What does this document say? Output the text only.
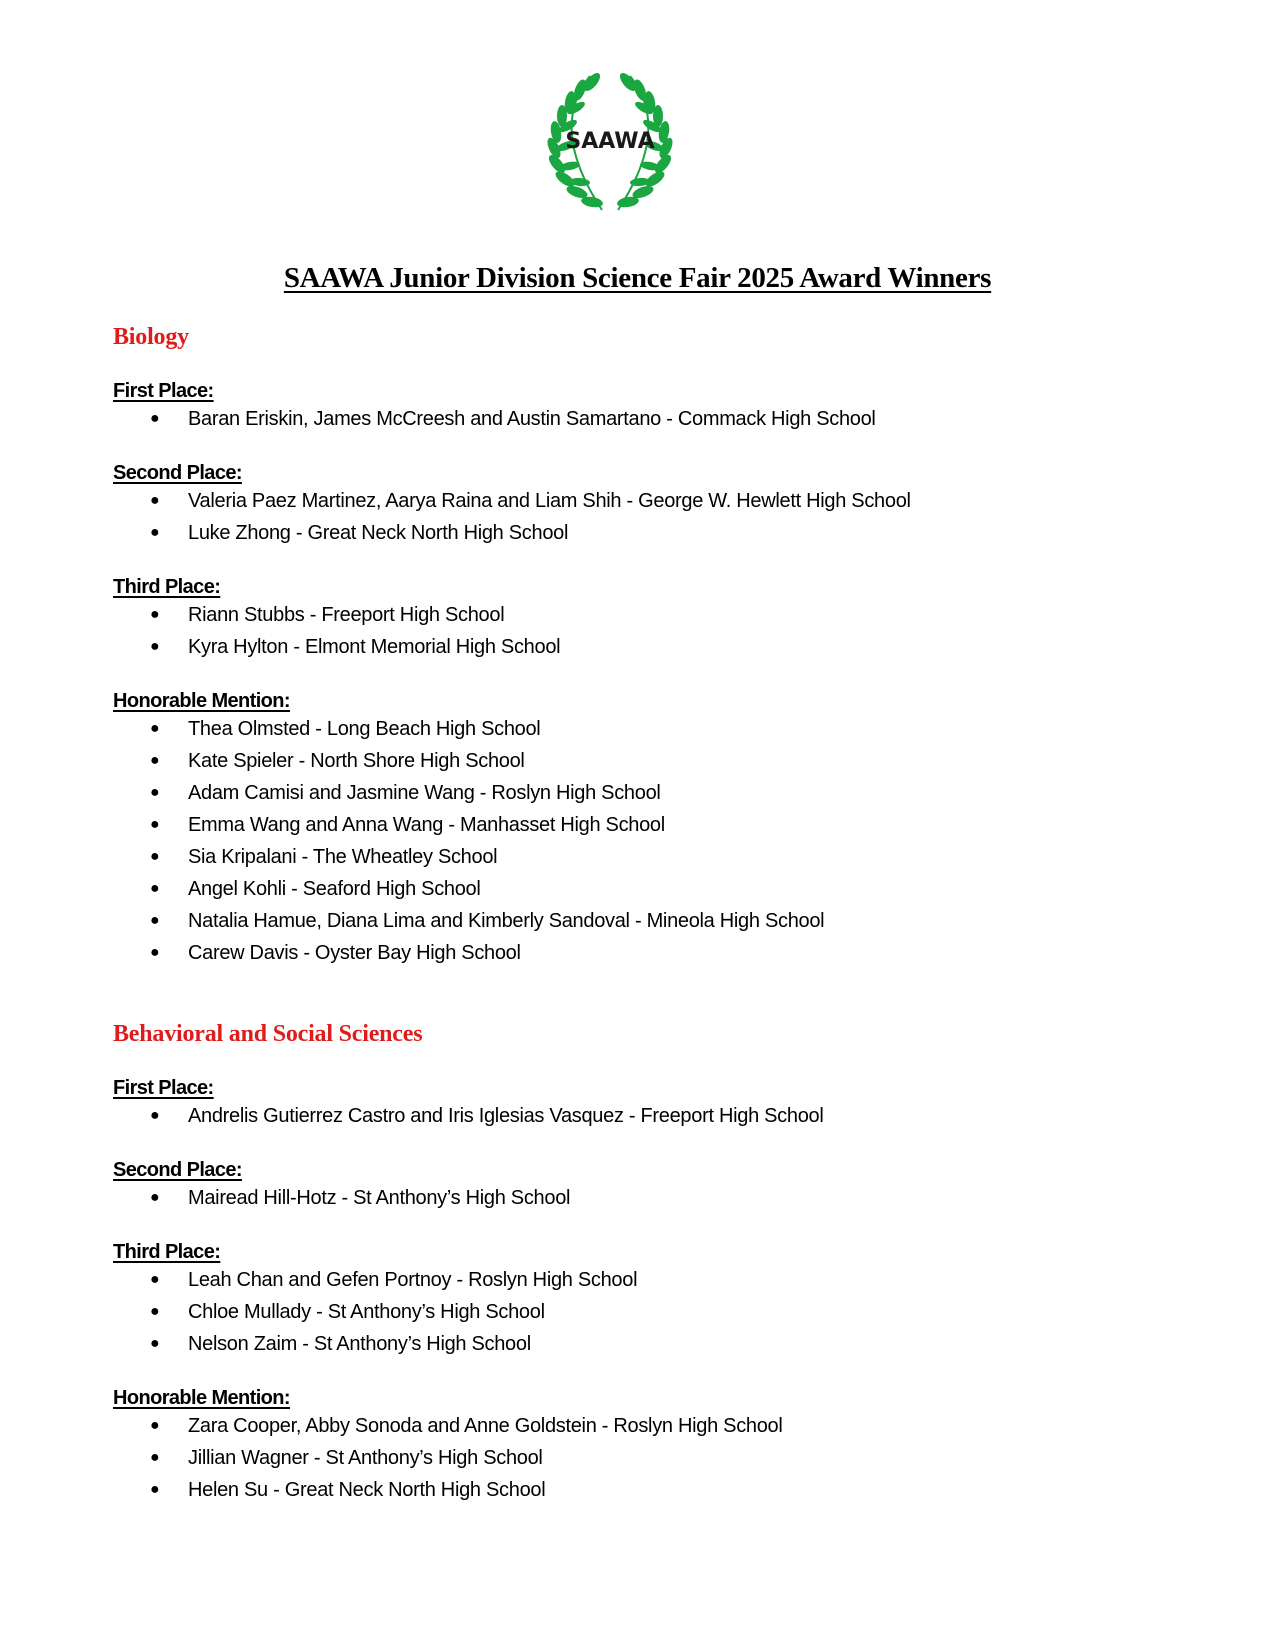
SAAWA
SAAWA Junior Division Science Fair 2025 Award Winners
Biology
First Place:
● Baran Eriskin, James McCreesh and Austin Samartano - Commack High School
Second Place:
● Valeria Paez Martinez, Aarya Raina and Liam Shih - George W. Hewlett High School
● Luke Zhong - Great Neck North High School
Third Place:
● Riann Stubbs - Freeport High School
● Kyra Hylton - Elmont Memorial High School
Honorable Mention:
● Thea Olmsted - Long Beach High School
● Kate Spieler - North Shore High School
● Adam Camisi and Jasmine Wang - Roslyn High School
● Emma Wang and Anna Wang - Manhasset High School
● Sia Kripalani - The Wheatley School
● Angel Kohli - Seaford High School
● Natalia Hamue, Diana Lima and Kimberly Sandoval - Mineola High School
● Carew Davis - Oyster Bay High School
Behavioral and Social Sciences
First Place:
● Andrelis Gutierrez Castro and Iris Iglesias Vasquez - Freeport High School
Second Place:
● Mairead Hill-Hotz - St Anthony’s High School
Third Place:
● Leah Chan and Gefen Portnoy - Roslyn High School
● Chloe Mullady - St Anthony’s High School
● Nelson Zaim - St Anthony’s High School
Honorable Mention:
● Zara Cooper, Abby Sonoda and Anne Goldstein - Roslyn High School
● Jillian Wagner - St Anthony’s High School
● Helen Su - Great Neck North High School
